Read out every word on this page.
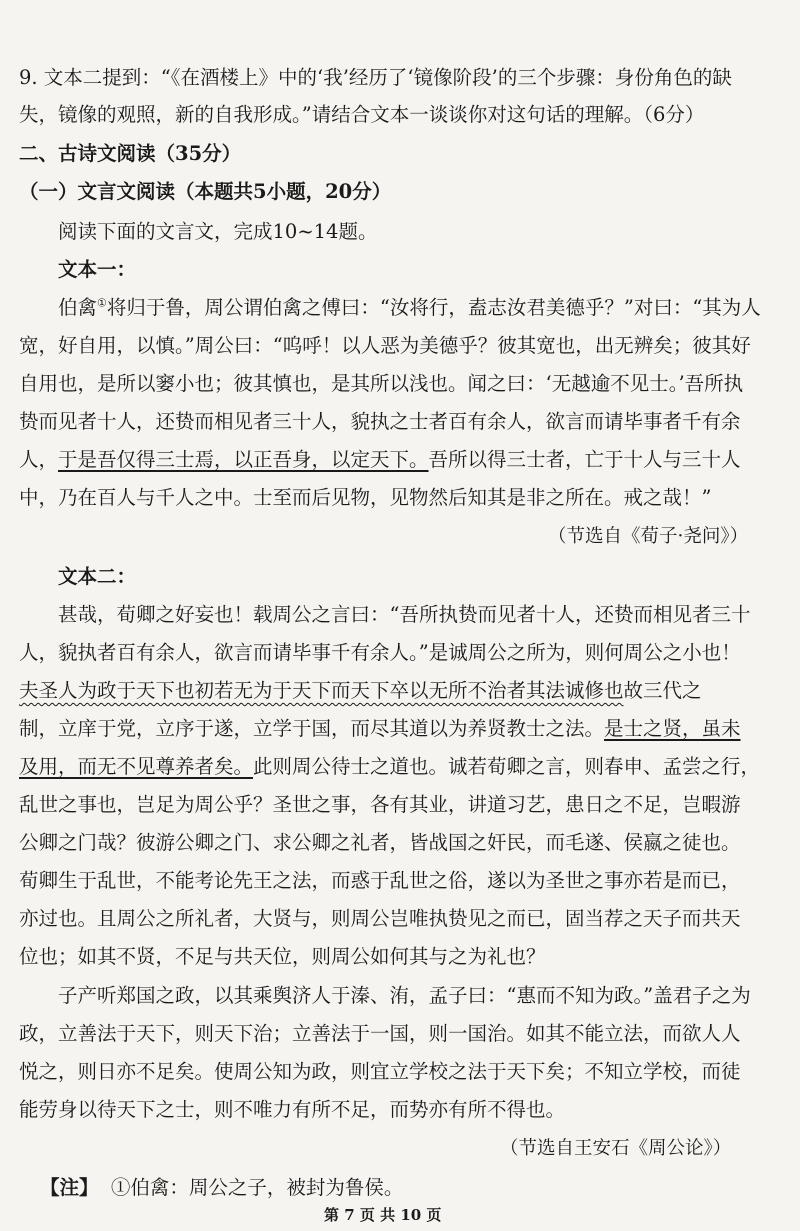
9. 文本二提到：“《在酒楼上》中的‘我’经历了‘镜像阶段’的三个步骤：身份角色的缺
失，镜像的观照，新的自我形成。”请结合文本一谈谈你对这句话的理解。（6分）
二、古诗文阅读（35分）
（一）文言文阅读（本题共5小题，20分）
阅读下面的文言文，完成10~14题。
文本一：
伯禽①将归于鲁，周公谓伯禽之傅曰：“汝将行，盍志汝君美德乎？”对曰：“其为人
宽，好自用，以慎。”周公曰：“呜呼！以人恶为美德乎？彼其宽也，出无辨矣；彼其好
自用也，是所以窭小也；彼其慎也，是其所以浅也。闻之曰：‘无越逾不见士。’吾所执
贽而见者十人，还贽而相见者三十人，貌执之士者百有余人，欲言而请毕事者千有余
人，于是吾仅得三士焉，以正吾身，以定天下。吾所以得三士者，亡于十人与三十人
中，乃在百人与千人之中。士至而后见物，见物然后知其是非之所在。戒之哉！”
（节选自《荀子·尧问》）
文本二：
甚哉，荀卿之好妄也！载周公之言曰：“吾所执贽而见者十人，还贽而相见者三十
人，貌执者百有余人，欲言而请毕事千有余人。”是诚周公之所为，则何周公之小也！
夫圣人为政于天下也初若无为于天下而天下卒以无所不治者其法诚修也故三代之
制，立庠于党，立序于遂，立学于国，而尽其道以为养贤教士之法。是士之贤，虽未
及用，而无不见尊养者矣。此则周公待士之道也。诚若荀卿之言，则春申、孟尝之行，
乱世之事也，岂足为周公乎？圣世之事，各有其业，讲道习艺，患日之不足，岂暇游
公卿之门哉？彼游公卿之门、求公卿之礼者，皆战国之奸民，而毛遂、侯嬴之徒也。
荀卿生于乱世，不能考论先王之法，而惑于乱世之俗，遂以为圣世之事亦若是而已，
亦过也。且周公之所礼者，大贤与，则周公岂唯执贽见之而已，固当荐之天子而共天
位也；如其不贤，不足与共天位，则周公如何其与之为礼也？
子产听郑国之政，以其乘舆济人于溱、洧，孟子曰：“惠而不知为政。”盖君子之为
政，立善法于天下，则天下治；立善法于一国，则一国治。如其不能立法，而欲人人
悦之，则日亦不足矣。使周公知为政，则宜立学校之法于天下矣；不知立学校，而徒
能劳身以待天下之士，则不唯力有所不足，而势亦有所不得也。
（节选自王安石《周公论》）
【注】 ①伯禽：周公之子，被封为鲁侯。
第 7 页 共 10 页
